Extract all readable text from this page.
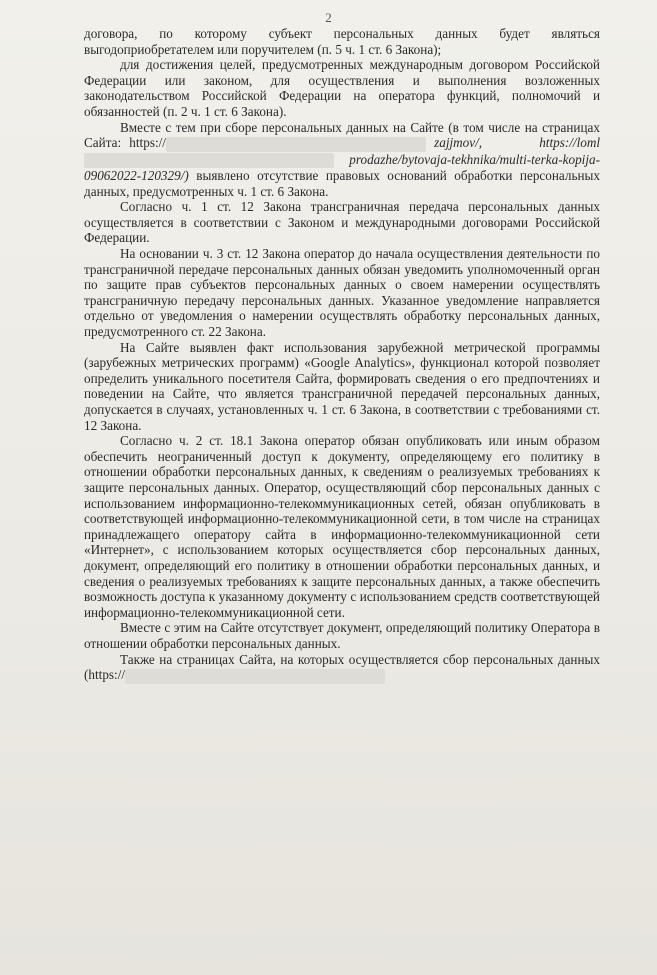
2

договора, по которому субъект персональных данных будет являться выгодоприобретателем или поручителем (п. 5 ч. 1 ст. 6 Закона);

для достижения целей, предусмотренных международным договором Российской Федерации или законом, для осуществления и выполнения возложенных законодательством Российской Федерации на оператора функций, полномочий и обязанностей (п. 2 ч. 1 ст. 6 Закона).

Вместе с тем при сборе персональных данных на Сайте (в том числе на страницах Сайта: https://	zajjmov/,	https://loml prodazhe/bytovaja-tekhnika/multi-terka-kopija-09062022-120329/) выявлено отсутствие правовых оснований обработки персональных данных, предусмотренных ч. 1 ст. 6 Закона.

Согласно ч. 1 ст. 12 Закона трансграничная передача персональных данных осуществляется в соответствии с Законом и международными договорами Российской Федерации.

На основании ч. 3 ст. 12 Закона оператор до начала осуществления деятельности по трансграничной передаче персональных данных обязан уведомить уполномоченный орган по защите прав субъектов персональных данных о своем намерении осуществлять трансграничную передачу персональных данных. Указанное уведомление направляется отдельно от уведомления о намерении осуществлять обработку персональных данных, предусмотренного ст. 22 Закона.

На Сайте выявлен факт использования зарубежной метрической программы (зарубежных метрических программ) «Google Analytics», функционал которой позволяет определить уникального посетителя Сайта, формировать сведения о его предпочтениях и поведении на Сайте, что является трансграничной передачей персональных данных, допускается в случаях, установленных ч. 1 ст. 6 Закона, в соответствии с требованиями ст. 12 Закона.

Согласно ч. 2 ст. 18.1 Закона оператор обязан опубликовать или иным образом обеспечить неограниченный доступ к документу, определяющему его политику в отношении обработки персональных данных, к сведениям о реализуемых требованиях к защите персональных данных. Оператор, осуществляющий сбор персональных данных с использованием информационно-телекоммуникационных сетей, обязан опубликовать в соответствующей информационно-телекоммуникационной сети, в том числе на страницах принадлежащего оператору сайта в информационно-телекоммуникационной сети «Интернет», с использованием которых осуществляется сбор персональных данных, документ, определяющий его политику в отношении обработки персональных данных, и сведения о реализуемых требованиях к защите персональных данных, а также обеспечить возможность доступа к указанному документу с использованием средств соответствующей информационно-телекоммуникационной сети.

Вместе с этим на Сайте отсутствует документ, определяющий политику Оператора в отношении обработки персональных данных.

Также на страницах Сайта, на которых осуществляется сбор персональных данных (https://
